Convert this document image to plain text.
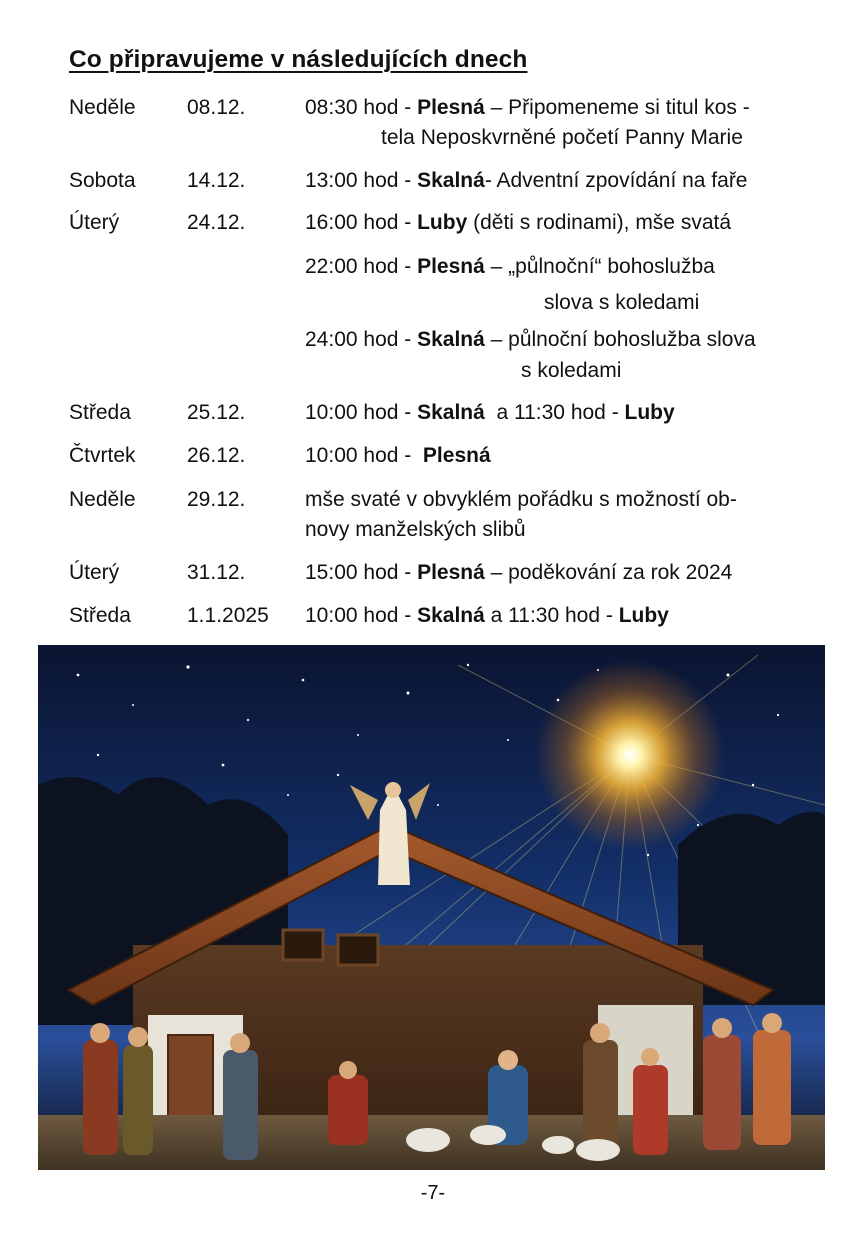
Co připravujeme v následujících dnech
Neděle 08.12.	08:30 hod - Plesná – Připomeneme si titul kos -
tela Neposkvrněné početí Panny Marie
Sobota 14.12.	13:00 hod - Skalná- Adventní zpovídání na faře
Úterý	24.12.	16:00 hod - Luby (děti s rodinami), mše svatá
22:00 hod - Plesná – „půlnoční“ bohoslužba
slova s koledami
24:00 hod - Skalná – půlnoční bohoslužba slova
s koledami
Středa	25.12.	10:00 hod - Skalná  a 11:30 hod - Luby
Čtvrtek 26.12.	10:00 hod -  Plesná
Neděle 29.12.	mše svaté v obvyklém pořádku s možností ob-
novy manželských slibů
Úterý	31.12.	15:00 hod - Plesná – poděkování za rok 2024
Středa	1.1.2025 10:00 hod - Skalná a 11:30 hod - Luby
-7-
